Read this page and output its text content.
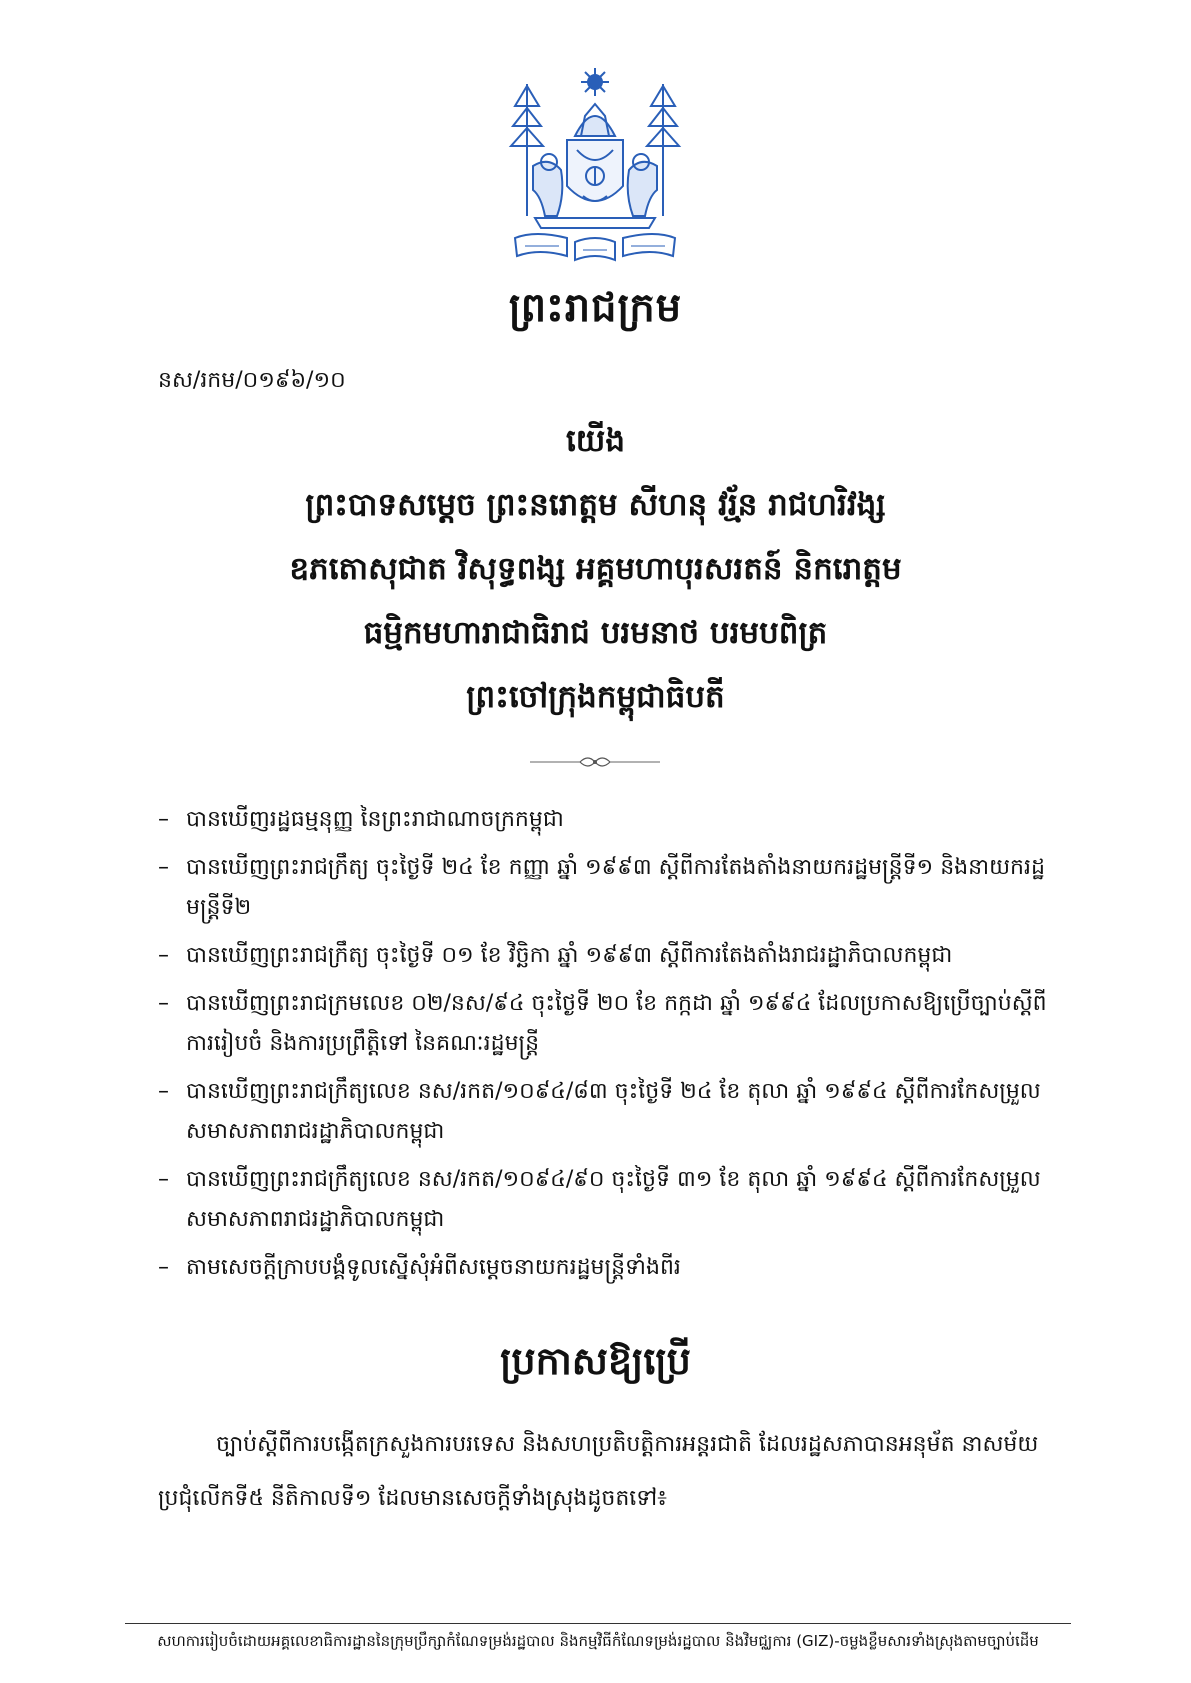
ព្រះរាជក្រម
នស/រកម/០១៩៦/១០
យើង
ព្រះបាទសម្ដេច ព្រះនរោត្ដម សីហនុ វរ្ម័ន រាជហរិវង្ស
ឧភតោសុជាត វិសុទ្ធពង្ស អគ្គមហាបុរសរតន៍ និករោត្ដម
ធម្មិកមហារាជាធិរាជ បរមនាថ បរមបពិត្រ
ព្រះចៅក្រុងកម្ពុជាធិបតី
– បានឃើញរដ្ឋធម្មនុញ្ញ នៃព្រះរាជាណាចក្រកម្ពុជា
– បានឃើញព្រះរាជក្រឹត្យ ចុះថ្ងៃទី ២៤ ខែ កញ្ញា ឆ្នាំ ១៩៩៣ ស្ដីពីការតែងតាំងនាយករដ្ឋមន្ត្រីទី១ និងនាយករដ្ឋមន្ត្រីទី២
– បានឃើញព្រះរាជក្រឹត្យ ចុះថ្ងៃទី ០១ ខែ វិច្ឆិកា ឆ្នាំ ១៩៩៣ ស្ដីពីការតែងតាំងរាជរដ្ឋាភិបាលកម្ពុជា
– បានឃើញព្រះរាជក្រមលេខ ០២/នស/៩៤ ចុះថ្ងៃទី ២០ ខែ កក្កដា ឆ្នាំ ១៩៩៤ ដែលប្រកាសឱ្យប្រើច្បាប់ស្ដីពីការរៀបចំ និងការប្រព្រឹត្តិទៅ នៃគណៈរដ្ឋមន្ត្រី
– បានឃើញព្រះរាជក្រឹត្យលេខ នស/រកត/១០៩៤/៨៣ ចុះថ្ងៃទី ២៤ ខែ តុលា ឆ្នាំ ១៩៩៤ ស្ដីពីការកែសម្រួលសមាសភាពរាជរដ្ឋាភិបាលកម្ពុជា
– បានឃើញព្រះរាជក្រឹត្យលេខ នស/រកត/១០៩៤/៩០ ចុះថ្ងៃទី ៣១ ខែ តុលា ឆ្នាំ ១៩៩៤ ស្ដីពីការកែសម្រួលសមាសភាពរាជរដ្ឋាភិបាលកម្ពុជា
– តាមសេចក្ដីក្រាបបង្គំទូលស្នើសុំអំពីសម្ដេចនាយករដ្ឋមន្ត្រីទាំងពីរ
ប្រកាសឱ្យប្រើ

ច្បាប់ស្ដីពីការបង្កើតក្រសួងការបរទេស និងសហប្រតិបត្តិការអន្តរជាតិ ដែលរដ្ឋសភាបានអនុម័ត នាសម័យប្រជុំលើកទី៥ នីតិកាលទី១ ដែលមានសេចក្ដីទាំងស្រុងដូចតទៅ៖

សហការរៀបចំដោយអគ្គលេខាធិការដ្ឋាននៃក្រុមប្រឹក្សាកំណែទម្រង់រដ្ឋបាល និងកម្មវិធីកំណែទម្រង់រដ្ឋបាល និងវិមជ្ឈការ (GIZ)-ចម្លងខ្លឹមសារទាំងស្រុងតាមច្បាប់ដើម
